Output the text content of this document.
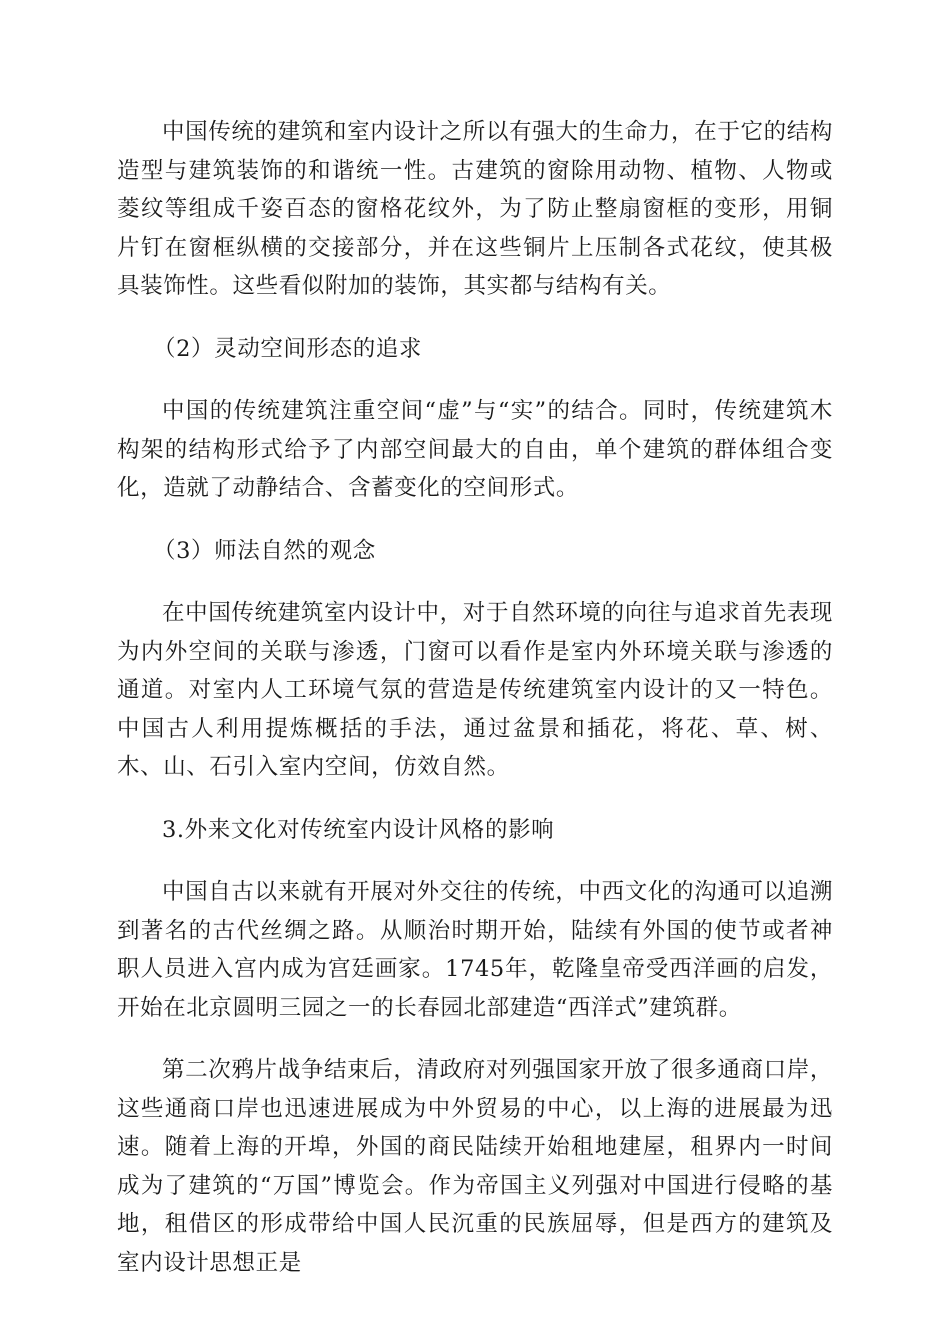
中国传统的建筑和室内设计之所以有强大的生命力，在于它的结构造型与建筑装饰的和谐统一性。古建筑的窗除用动物、植物、人物或菱纹等组成千姿百态的窗格花纹外，为了防止整扇窗框的变形，用铜片钉在窗框纵横的交接部分，并在这些铜片上压制各式花纹，使其极具装饰性。这些看似附加的装饰，其实都与结构有关。

（2）灵动空间形态的追求

中国的传统建筑注重空间“虚”与“实”的结合。同时，传统建筑木构架的结构形式给予了内部空间最大的自由，单个建筑的群体组合变化，造就了动静结合、含蓄变化的空间形式。

（3）师法自然的观念

在中国传统建筑室内设计中，对于自然环境的向往与追求首先表现为内外空间的关联与渗透，门窗可以看作是室内外环境关联与渗透的通道。对室内人工环境气氛的营造是传统建筑室内设计的又一特色。中国古人利用提炼概括的手法，通过盆景和插花，将花、草、树、木、山、石引入室内空间，仿效自然。

3.外来文化对传统室内设计风格的影响

中国自古以来就有开展对外交往的传统，中西文化的沟通可以追溯到著名的古代丝绸之路。从顺治时期开始，陆续有外国的使节或者神职人员进入宫内成为宫廷画家。1745年，乾隆皇帝受西洋画的启发，开始在北京圆明三园之一的长春园北部建造“西洋式”建筑群。

第二次鸦片战争结束后，清政府对列强国家开放了很多通商口岸，这些通商口岸也迅速进展成为中外贸易的中心，以上海的进展最为迅速。随着上海的开埠，外国的商民陆续开始租地建屋，租界内一时间成为了建筑的“万国”博览会。作为帝国主义列强对中国进行侵略的基地，租借区的形成带给中国人民沉重的民族屈辱，但是西方的建筑及室内设计思想正是
